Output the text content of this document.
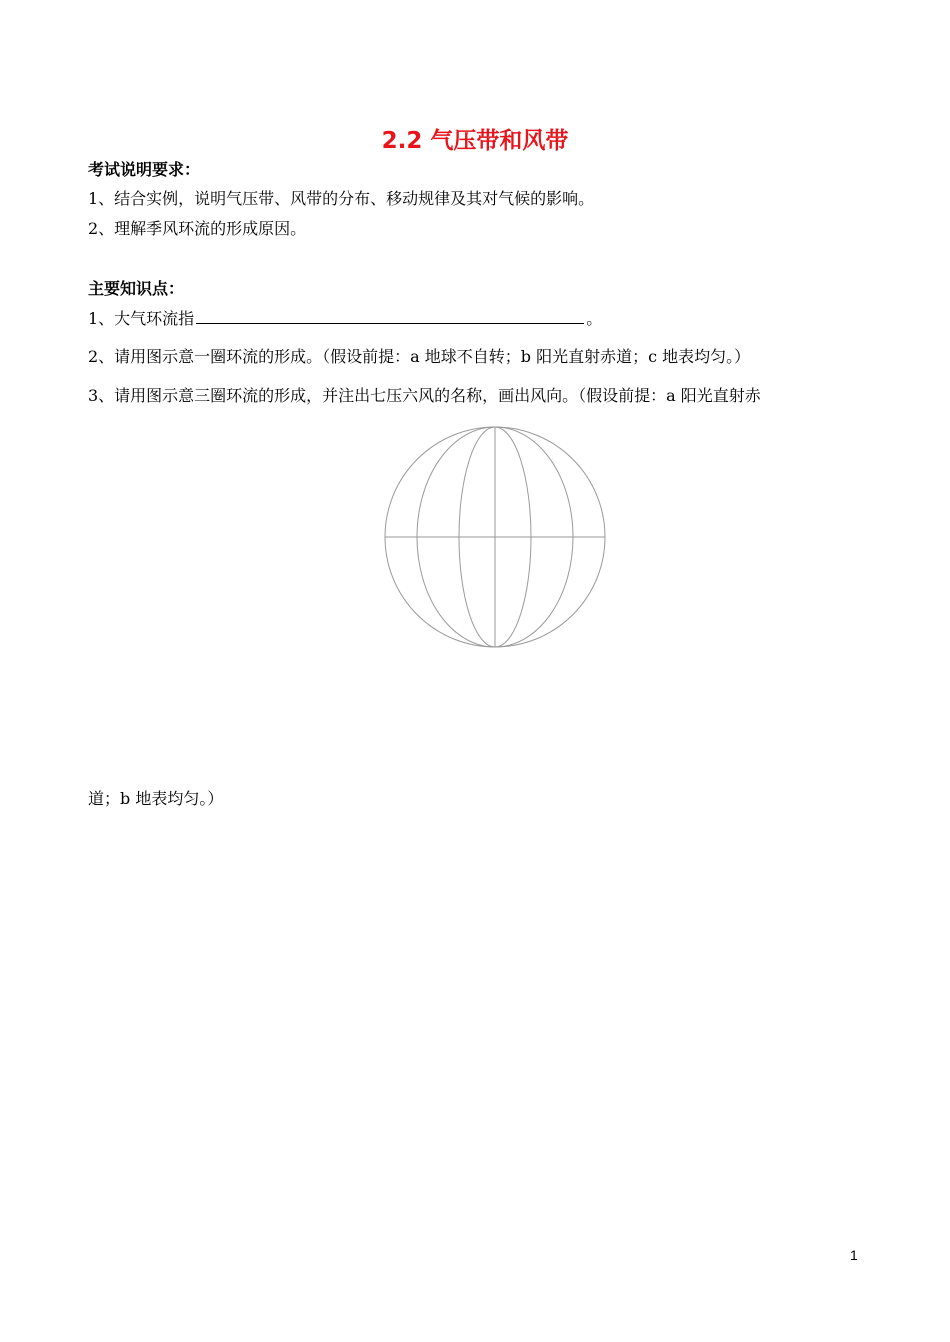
2.2 气压带和风带
考试说明要求：
1、结合实例，说明气压带、风带的分布、移动规律及其对气候的影响。
2、理解季风环流的形成原因。
主要知识点：
1、大气环流指	。
2、请用图示意一圈环流的形成。（假设前提：a 地球不自转；b 阳光直射赤道；c 地表均匀。）
3、请用图示意三圈环流的形成，并注出七压六风的名称，画出风向。（假设前提：a 阳光直射赤
道；b 地表均匀。）
1
